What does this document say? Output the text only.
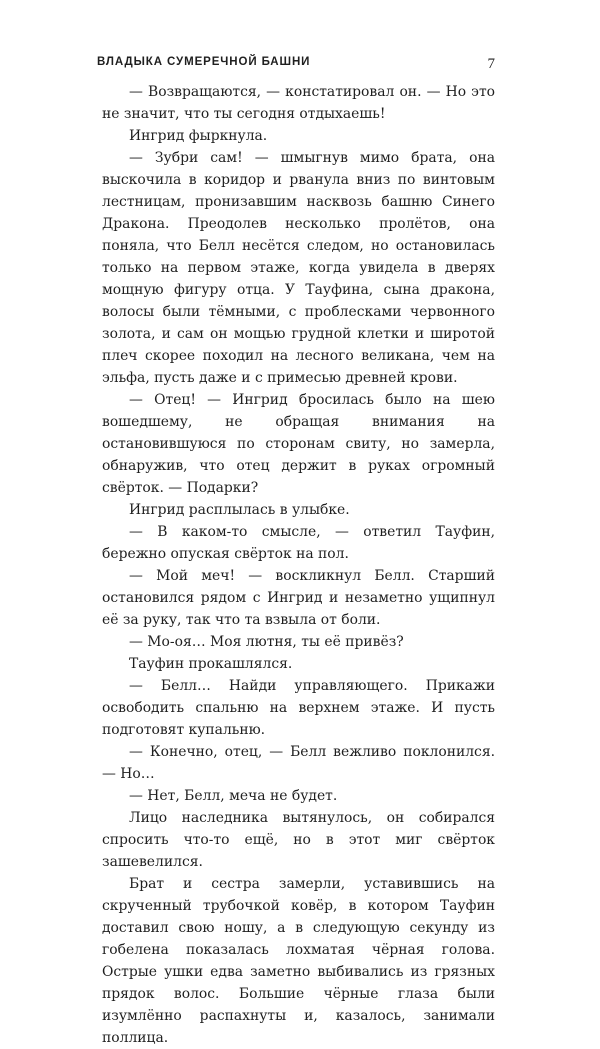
ВЛАДЫКА СУМЕРЕЧНОЙ БАШНИ	7

— Возвращаются, — констатировал он. — Но это не значит, что ты сегодня отдыхаешь!

Ингрид фыркнула.

— Зубри сам! — шмыгнув мимо брата, она выскочила в коридор и рванула вниз по винтовым лестницам, пронизавшим насквозь башню Синего Дракона. Преодолев несколько пролётов, она поняла, что Белл несётся следом, но остановилась только на первом этаже, когда увидела в дверях мощную фигуру отца. У Тауфина, сына дракона, волосы были тёмными, с проблесками червонного золота, и сам он мощью грудной клетки и широтой плеч скорее походил на лесного великана, чем на эльфа, пусть даже и с примесью древней крови.

— Отец! — Ингрид бросилась было на шею вошедшему, не обращая внимания на остановившуюся по сторонам свиту, но замерла, обнаружив, что отец держит в руках огромный свёрток. — Подарки?

Ингрид расплылась в улыбке.

— В каком-то смысле, — ответил Тауфин, бережно опуская свёрток на пол.

— Мой меч! — воскликнул Белл. Старший остановился рядом с Ингрид и незаметно ущипнул её за руку, так что та взвыла от боли.

— Мо-оя… Моя лютня, ты её привёз?

Тауфин прокашлялся.

— Белл… Найди управляющего. Прикажи освободить спальню на верхнем этаже. И пусть подготовят купальню.

— Конечно, отец, — Белл вежливо поклонился. — Но…

— Нет, Белл, меча не будет.

Лицо наследника вытянулось, он собирался спросить что-то ещё, но в этот миг свёрток зашевелился.

Брат и сестра замерли, уставившись на скрученный трубочкой ковёр, в котором Тауфин доставил свою ношу, а в следующую секунду из гобелена показалась лохматая чёрная голова. Острые ушки едва заметно выбивались из грязных прядок волос. Большие чёрные глаза были изумлённо распахнуты и, казалось, занимали поллица.
